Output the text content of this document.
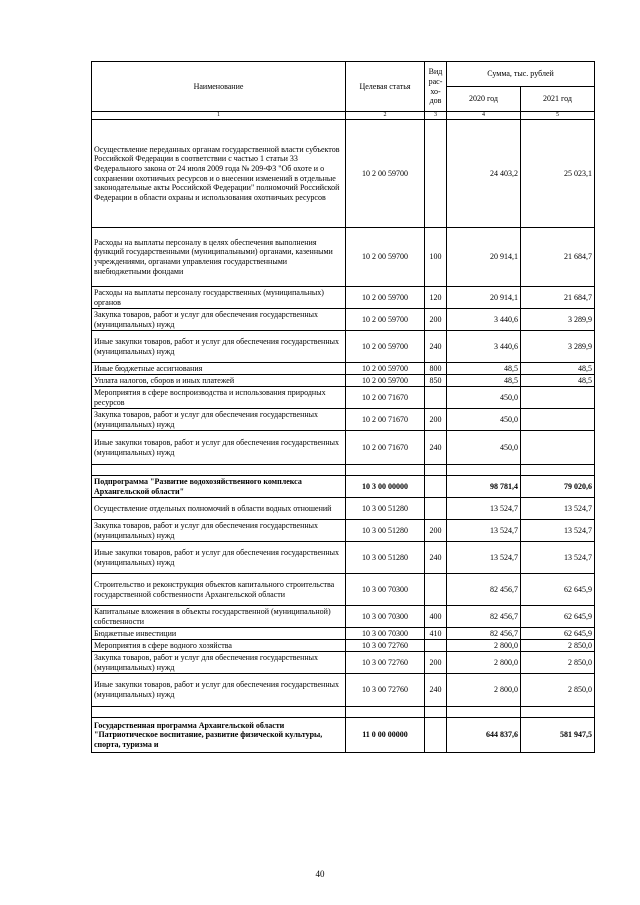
Наименование	Целевая статья	Вид рас-хо-дов	Сумма, тыс. рублей	
			2020 год	2021 год
1	2	3	4	5
Осуществление переданных органам государственной власти субъектов Российской Федерации в соответствии с частью 1 статьи 33 Федерального закона от 24 июля 2009 года № 209-ФЗ "Об охоте и о сохранении охотничьих ресурсов и о внесении изменений в отдельные законодательные акты Российской Федерации" полномочий Российской Федерации в области охраны и использования охотничьих ресурсов	10 2 00 59700		24 403,2	25 023,1
Расходы на выплаты персоналу в целях обеспечения выполнения функций государственными (муниципальными) органами, казенными учреждениями, органами управления государственными внебюджетными фондами	10 2 00 59700	100	20 914,1	21 684,7
Расходы на выплаты персоналу государственных (муниципальных) органов	10 2 00 59700	120	20 914,1	21 684,7
Закупка товаров, работ и услуг для обеспечения государственных (муниципальных) нужд	10 2 00 59700	200	3 440,6	3 289,9
Иные закупки товаров, работ и услуг для обеспечения государственных (муниципальных) нужд	10 2 00 59700	240	3 440,6	3 289,9
Иные бюджетные ассигнования	10 2 00 59700	800	48,5	48,5
Уплата налогов, сборов и иных платежей	10 2 00 59700	850	48,5	48,5
Мероприятия в сфере воспроизводства и использования природных ресурсов	10 2 00 71670		450,0	
Закупка товаров, работ и услуг для обеспечения государственных (муниципальных) нужд	10 2 00 71670	200	450,0	
Иные закупки товаров, работ и услуг для обеспечения государственных (муниципальных) нужд	10 2 00 71670	240	450,0	

Подпрограмма "Развитие водохозяйственного комплекса Архангельской области"	10 3 00 00000		98 781,4	79 020,6
Осуществление отдельных полномочий в области водных отношений	10 3 00 51280		13 524,7	13 524,7
Закупка товаров, работ и услуг для обеспечения государственных (муниципальных) нужд	10 3 00 51280	200	13 524,7	13 524,7
Иные закупки товаров, работ и услуг для обеспечения государственных (муниципальных) нужд	10 3 00 51280	240	13 524,7	13 524,7
Строительство и реконструкция объектов капитального строительства государственной собственности Архангельской области	10 3 00 70300		82 456,7	62 645,9
Капитальные вложения в объекты государственной (муниципальной) собственности	10 3 00 70300	400	82 456,7	62 645,9
Бюджетные инвестиции	10 3 00 70300	410	82 456,7	62 645,9
Мероприятия в сфере водного хозяйства	10 3 00 72760		2 800,0	2 850,0
Закупка товаров, работ и услуг для обеспечения государственных (муниципальных) нужд	10 3 00 72760	200	2 800,0	2 850,0
Иные закупки товаров, работ и услуг для обеспечения государственных (муниципальных) нужд	10 3 00 72760	240	2 800,0	2 850,0

Государственная программа Архангельской области "Патриотическое воспитание, развитие физической культуры, спорта, туризма и	11 0 00 00000		644 837,6	581 947,5
40
